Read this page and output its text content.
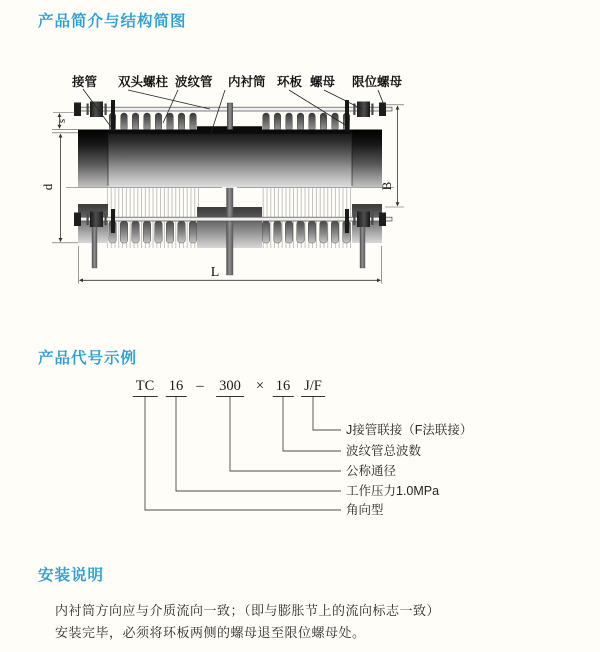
产品简介与结构简图
s
d	B
L
接管 双头螺柱 波纹管 内衬筒 环板 螺母 限位螺母
产品代号示例
TC 16 – 300 × 16 J/F
J接管联接（F法联接）
波纹管总波数
公称通径
工作压力1.0MPa
角向型
安装说明

内衬筒方向应与介质流向一致；（即与膨胀节上的流向标志一致）

安装完毕，必须将环板两侧的螺母退至限位螺母处。
